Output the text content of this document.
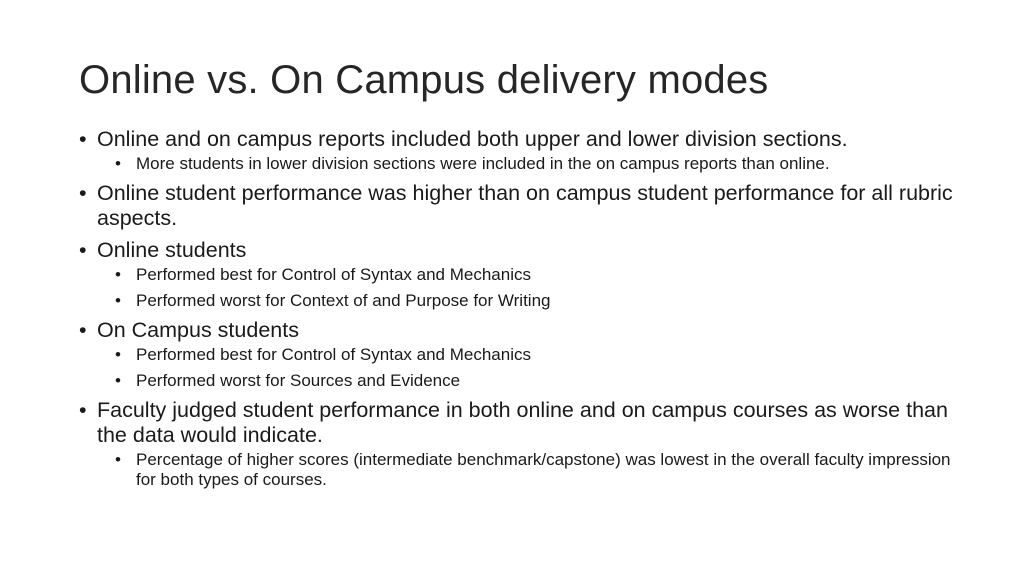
Online vs. On Campus delivery modes
• Online and on campus reports included both upper and lower division sections.
• More students in lower division sections were included in the on campus reports than online.
• Online student performance was higher than on campus student performance for all rubric aspects.
• Online students
• Performed best for Control of Syntax and Mechanics
• Performed worst for Context of and Purpose for Writing
• On Campus students
• Performed best for Control of Syntax and Mechanics
• Performed worst for Sources and Evidence
• Faculty judged student performance in both online and on campus courses as worse than the data would indicate.
• Percentage of higher scores (intermediate benchmark/capstone) was lowest in the overall faculty impression for both types of courses.
